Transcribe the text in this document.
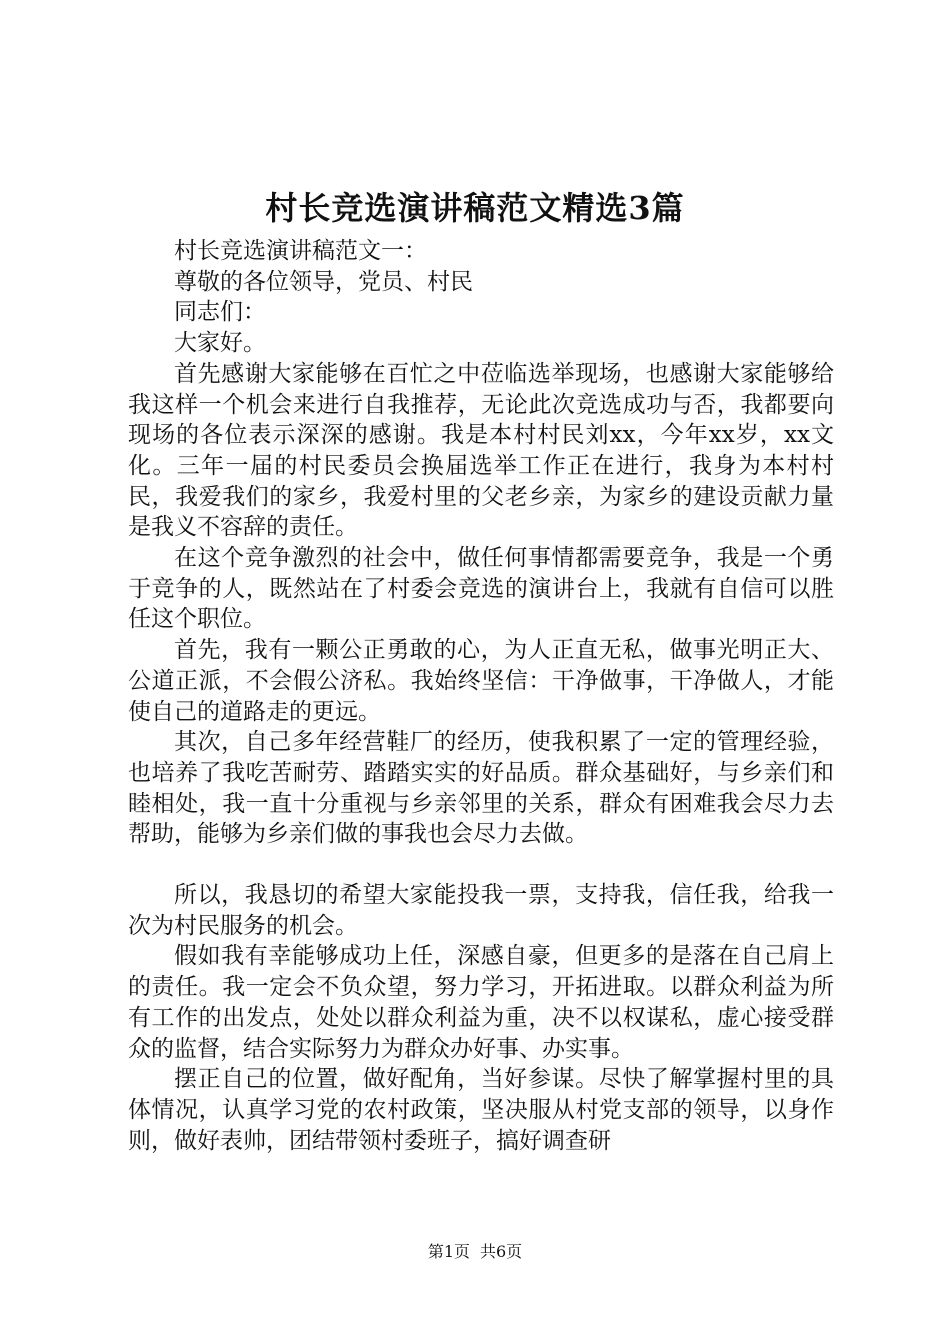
村长竞选演讲稿范文精选3篇

村长竞选演讲稿范文一：

尊敬的各位领导，党员、村民

同志们：

大家好。

首先感谢大家能够在百忙之中莅临选举现场，也感谢大家能够给我这样一个机会来进行自我推荐，无论此次竞选成功与否，我都要向现场的各位表示深深的感谢。我是本村村民刘xx，今年xx岁，xx文化。三年一届的村民委员会换届选举工作正在进行，我身为本村村民，我爱我们的家乡，我爱村里的父老乡亲，为家乡的建设贡献力量是我义不容辞的责任。

在这个竞争激烈的社会中，做任何事情都需要竞争，我是一个勇于竞争的人，既然站在了村委会竞选的演讲台上，我就有自信可以胜任这个职位。

首先，我有一颗公正勇敢的心，为人正直无私，做事光明正大、公道正派，不会假公济私。我始终坚信：干净做事，干净做人，才能使自己的道路走的更远。

其次，自己多年经营鞋厂的经历，使我积累了一定的管理经验，也培养了我吃苦耐劳、踏踏实实的好品质。群众基础好，与乡亲们和睦相处，我一直十分重视与乡亲邻里的关系，群众有困难我会尽力去帮助，能够为乡亲们做的事我也会尽力去做。

所以，我恳切的希望大家能投我一票，支持我，信任我，给我一次为村民服务的机会。

假如我有幸能够成功上任，深感自豪，但更多的是落在自己肩上的责任。我一定会不负众望，努力学习，开拓进取。以群众利益为所有工作的出发点，处处以群众利益为重，决不以权谋私，虚心接受群众的监督，结合实际努力为群众办好事、办实事。

摆正自己的位置，做好配角，当好参谋。尽快了解掌握村里的具体情况，认真学习党的农村政策，坚决服从村党支部的领导，以身作则，做好表帅，团结带领村委班子，搞好调查研

第1页 共6页
